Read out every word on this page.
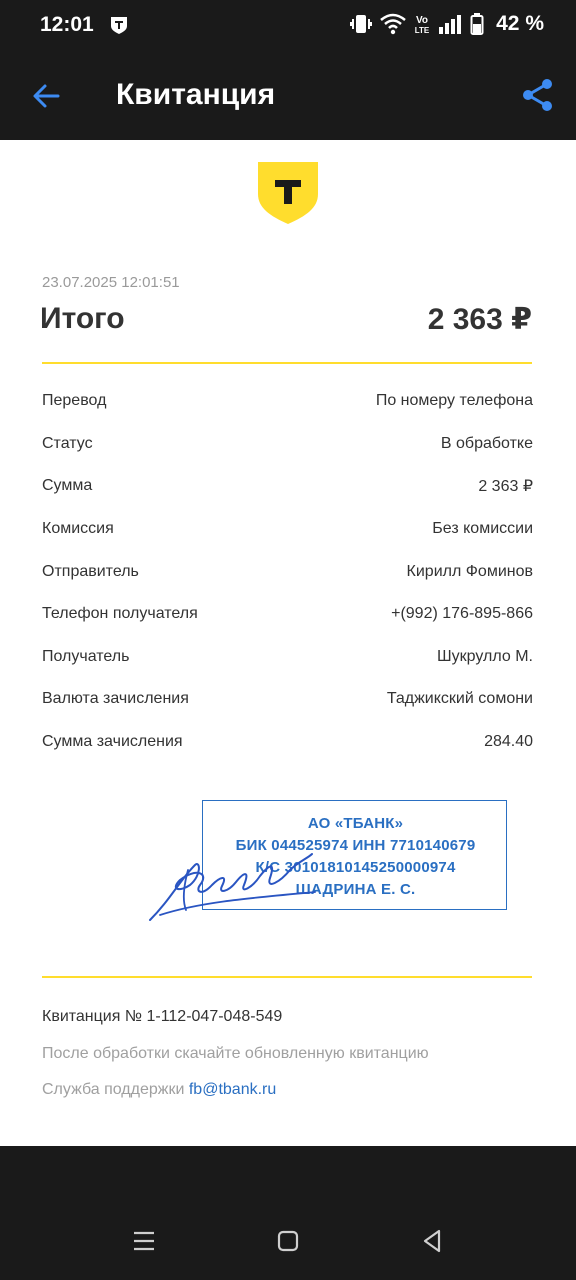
12:01	Vo
LTE	42 %
Квитанция
23.07.2025 12:01:51
Итого	2 363 ₽
Перевод	По номеру телефона
Статус	В обработке
Сумма	2 363 ₽
Комиссия	Без комиссии
Отправитель	Кирилл Фоминов
Телефон получателя	+(992) 176-895-866
Получатель	Шукрулло М.
Валюта зачисления	Таджикский сомони
Сумма зачисления	284.40
АО «ТБАНК»
БИК 044525974 ИНН 7710140679
К/С 30101810145250000974
ШАДРИНА Е. С.
Квитанция № 1-112-047-048-549
После обработки скачайте обновленную квитанцию
Служба поддержки fb@tbank.ru
